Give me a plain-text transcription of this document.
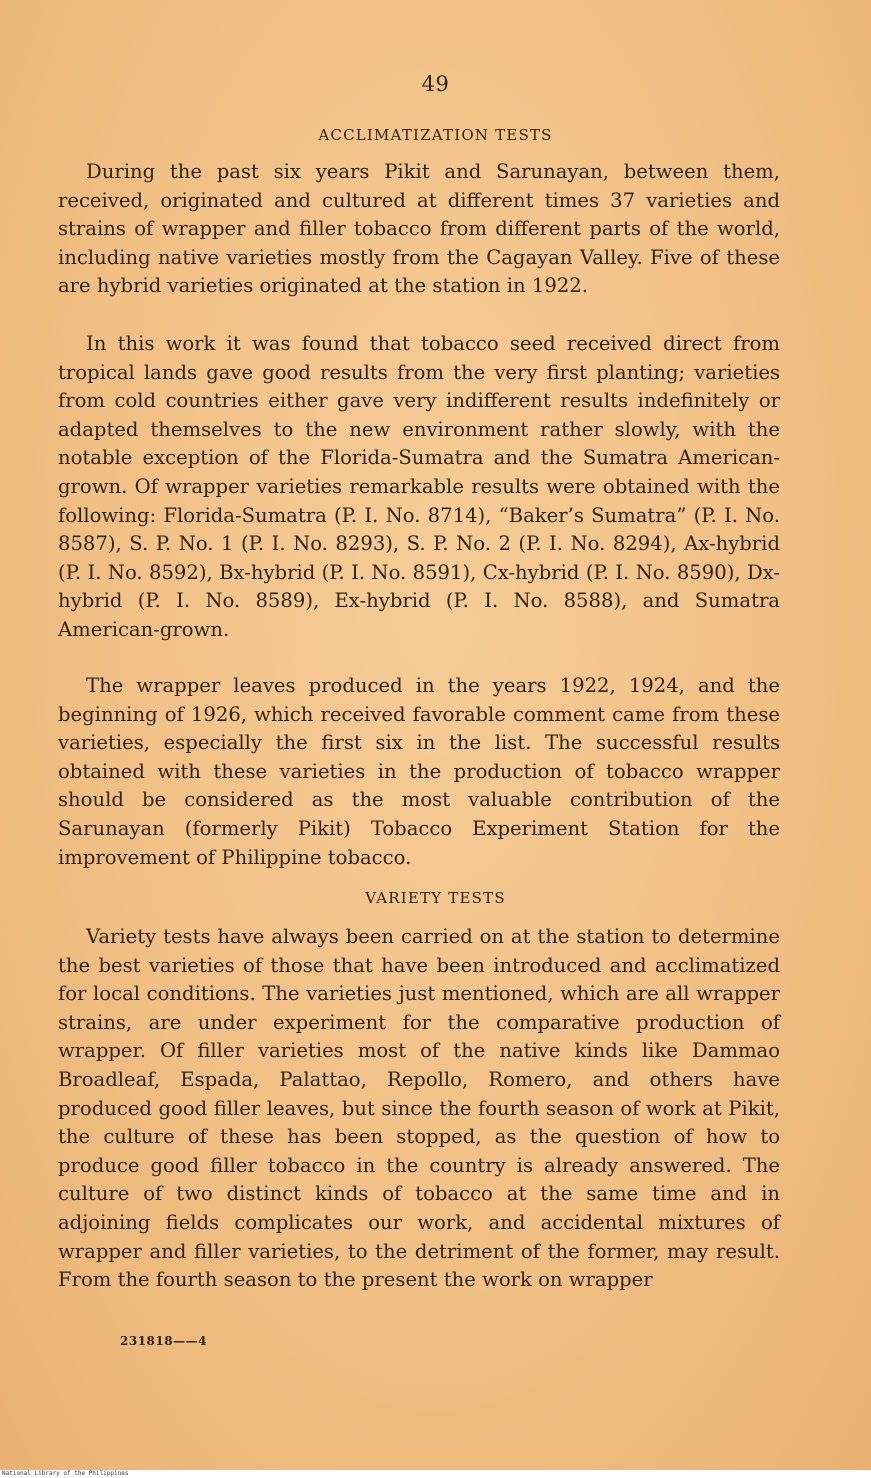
49
ACCLIMATIZATION TESTS

During the past six years Pikit and Sarunayan, between them, received, originated and cultured at different times 37 varieties and strains of wrapper and filler tobacco from different parts of the world, including native varieties mostly from the Cagayan Valley. Five of these are hybrid varieties originated at the station in 1922.

In this work it was found that tobacco seed received direct from tropical lands gave good results from the very first planting; varieties from cold countries either gave very indifferent results indefinitely or adapted themselves to the new environment rather slowly, with the notable exception of the Florida-Sumatra and the Sumatra American-grown. Of wrapper varieties remarkable results were obtained with the following: Florida-Sumatra (P. I. No. 8714), “Baker’s Sumatra” (P. I. No. 8587), S. P. No. 1 (P. I. No. 8293), S. P. No. 2 (P. I. No. 8294), Ax-hybrid (P. I. No. 8592), Bx-hybrid (P. I. No. 8591), Cx-hybrid (P. I. No. 8590), Dx-hybrid (P. I. No. 8589), Ex-hybrid (P. I. No. 8588), and Sumatra American-grown.

The wrapper leaves produced in the years 1922, 1924, and the beginning of 1926, which received favorable comment came from these varieties, especially the first six in the list. The successful results obtained with these varieties in the production of tobacco wrapper should be considered as the most valuable contribution of the Sarunayan (formerly Pikit) Tobacco Experiment Station for the improvement of Philippine tobacco.

VARIETY TESTS

Variety tests have always been carried on at the station to determine the best varieties of those that have been introduced and acclimatized for local conditions. The varieties just mentioned, which are all wrapper strains, are under experiment for the comparative production of wrapper. Of filler varieties most of the native kinds like Dammao Broadleaf, Espada, Palattao, Repollo, Romero, and others have produced good filler leaves, but since the fourth season of work at Pikit, the culture of these has been stopped, as the question of how to produce good filler tobacco in the country is already answered. The culture of two distinct kinds of tobacco at the same time and in adjoining fields complicates our work, and accidental mixtures of wrapper and filler varieties, to the detriment of the former, may result. From the fourth season to the present the work on wrapper

231818——4
National Library of the Philippines
